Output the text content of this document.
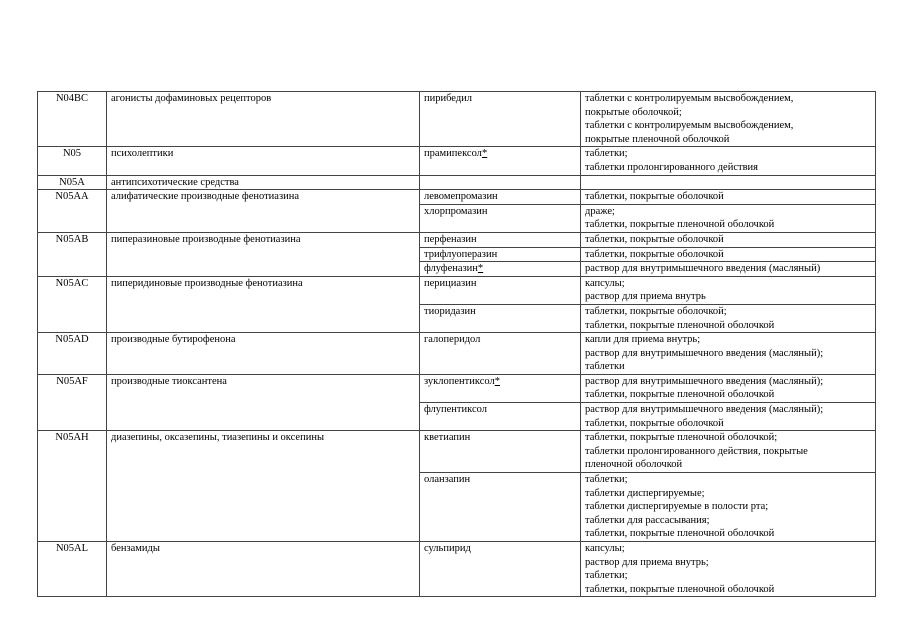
N04BC	агонисты дофаминовых рецепторов	пирибедил	таблетки с контролируемым высвобождением,
покрытые оболочкой;
таблетки с контролируемым высвобождением,
покрытые пленочной оболочкой

N05	психолептики	прамипексол*	таблетки;
таблетки пролонгированного действия

N05A	антипсихотические средства		
N05AA	алифатические производные фенотиазина	левомепромазин	таблетки, покрытые оболочкой

		хлорпромазин	драже;
таблетки, покрытые пленочной оболочкой

N05AB	пиперазиновые производные фенотиазина	перфеназин	таблетки, покрытые оболочкой

		трифлуоперазин	таблетки, покрытые оболочкой

		флуфеназин*	раствор для внутримышечного введения (масляный)

N05AC	пиперидиновые производные фенотиазина	перициазин	капсулы;
раствор для приема внутрь

		тиоридазин	таблетки, покрытые оболочкой;
таблетки, покрытые пленочной оболочкой

N05AD	производные бутирофенона	галоперидол	капли для приема внутрь;
раствор для внутримышечного введения (масляный);
таблетки

N05AF	производные тиоксантена	зуклопентиксол*	раствор для внутримышечного введения (масляный);
таблетки, покрытые пленочной оболочкой

		флупентиксол	раствор для внутримышечного введения (масляный);
таблетки, покрытые оболочкой

N05AH	диазепины, оксазепины, тиазепины и оксепины	кветиапин	таблетки, покрытые пленочной оболочкой;
таблетки пролонгированного действия, покрытые
пленочной оболочкой

		оланзапин	таблетки;
таблетки диспергируемые;
таблетки диспергируемые в полости рта;
таблетки для рассасывания;
таблетки, покрытые пленочной оболочкой

N05AL	бензамиды	сульпирид	капсулы;
раствор для приема внутрь;
таблетки;
таблетки, покрытые пленочной оболочкой
